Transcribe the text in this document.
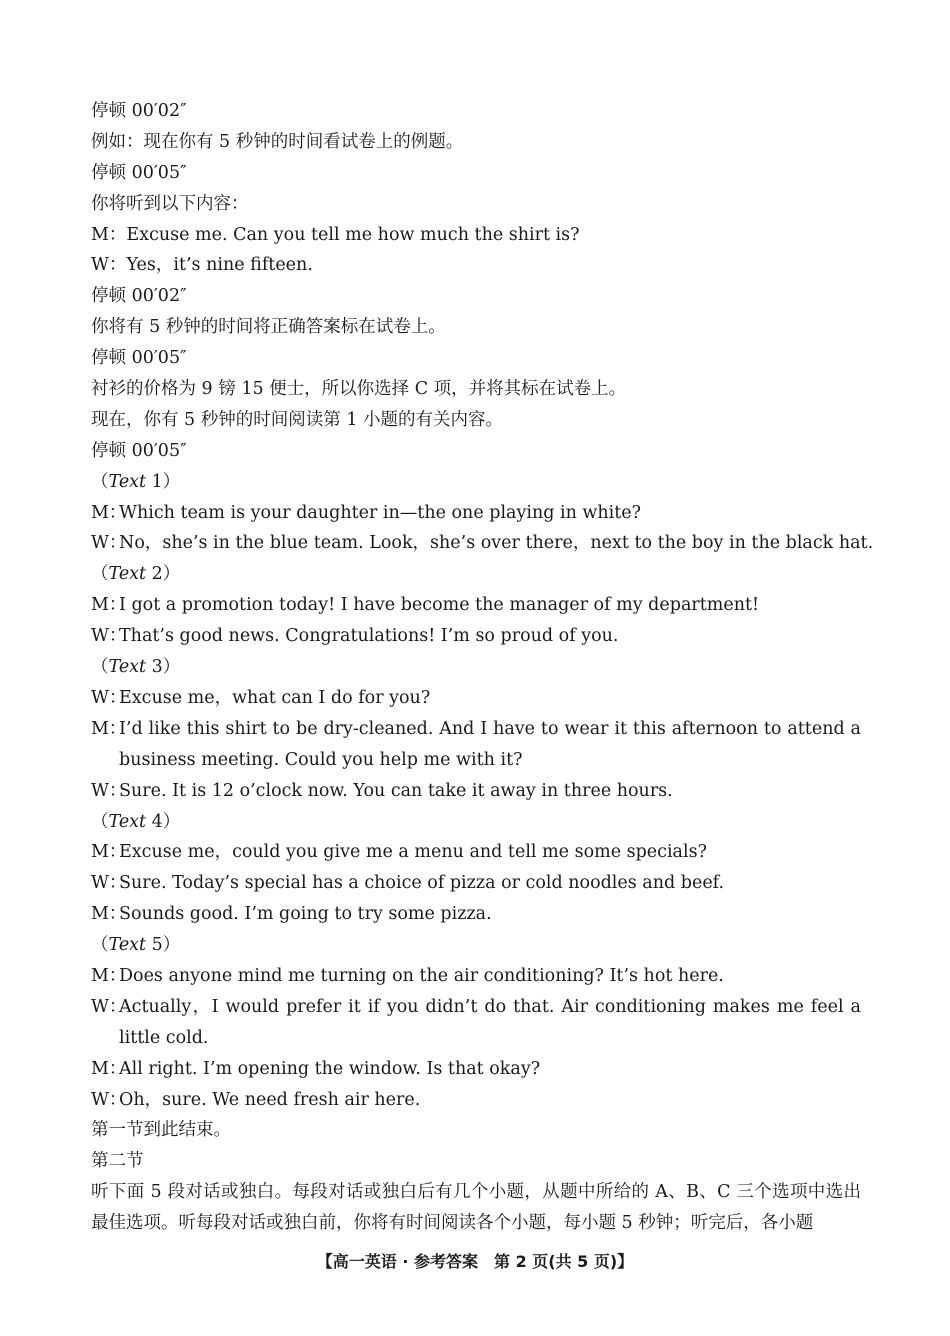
停顿 00′02″
例如：现在你有 5 秒钟的时间看试卷上的例题。
停顿 00′05″
你将听到以下内容：
M：Excuse me. Can you tell me how much the shirt is?
W：Yes，it’s nine fifteen.
停顿 00′02″
你将有 5 秒钟的时间将正确答案标在试卷上。
停顿 00′05″
衬衫的价格为 9 镑 15 便士，所以你选择 C 项，并将其标在试卷上。
现在，你有 5 秒钟的时间阅读第 1 小题的有关内容。
停顿 00′05″
（Text 1）
M：
Which team is your daughter in—the one playing in white?
W：
No，she’s in the blue team. Look，she’s over there，next to the boy in the black hat.
（Text 2）
M：
I got a promotion today! I have become the manager of my department!
W：
That’s good news. Congratulations! I’m so proud of you.
（Text 3）
W：
Excuse me，what can I do for you?
M：
I’d like this shirt to be dry-cleaned. And I have to wear it this afternoon to attend a business meeting. Could you help me with it?
W：
Sure. It is 12 o’clock now. You can take it away in three hours.
（Text 4）
M：
Excuse me，could you give me a menu and tell me some specials?
W：
Sure. Today’s special has a choice of pizza or cold noodles and beef.
M：
Sounds good. I’m going to try some pizza.
（Text 5）
M：
Does anyone mind me turning on the air conditioning? It’s hot here.
W：
Actually，I would prefer it if you didn’t do that. Air conditioning makes me feel a little cold.
M：
All right. I’m opening the window. Is that okay?
W：
Oh，sure. We need fresh air here.
第一节到此结束。
第二节
听下面 5 段对话或独白。每段对话或独白后有几个小题，从题中所给的 A、B、C 三个选项中选出最佳选项。听每段对话或独白前，你将有时间阅读各个小题，每小题 5 秒钟；听完后，各小题
【高一英语 · 参考答案　第 2 页(共 5 页)】
